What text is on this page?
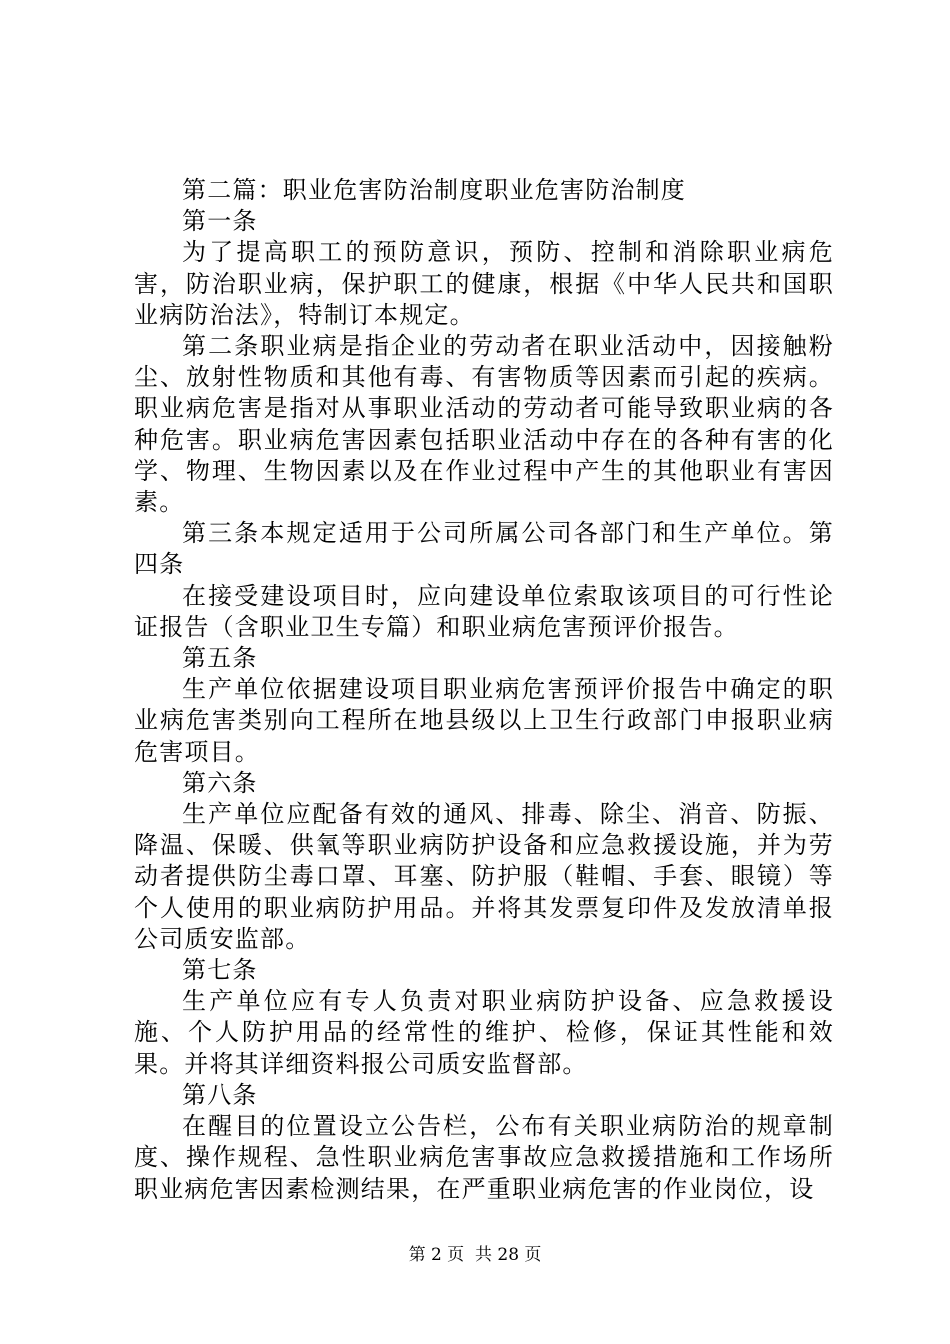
第二篇：职业危害防治制度职业危害防治制度

第一条

为了提高职工的预防意识，预防、控制和消除职业病危害，防治职业病，保护职工的健康，根据《中华人民共和国职业病防治法》，特制订本规定。

第二条职业病是指企业的劳动者在职业活动中，因接触粉尘、放射性物质和其他有毒、有害物质等因素而引起的疾病。职业病危害是指对从事职业活动的劳动者可能导致职业病的各种危害。职业病危害因素包括职业活动中存在的各种有害的化学、物理、生物因素以及在作业过程中产生的其他职业有害因素。

第三条本规定适用于公司所属公司各部门和生产单位。第四条

在接受建设项目时，应向建设单位索取该项目的可行性论证报告（含职业卫生专篇）和职业病危害预评价报告。

第五条

生产单位依据建设项目职业病危害预评价报告中确定的职业病危害类别向工程所在地县级以上卫生行政部门申报职业病危害项目。

第六条

生产单位应配备有效的通风、排毒、除尘、消音、防振、降温、保暖、供氧等职业病防护设备和应急救援设施，并为劳动者提供防尘毒口罩、耳塞、防护服（鞋帽、手套、眼镜）等个人使用的职业病防护用品。并将其发票复印件及发放清单报公司质安监部。

第七条

生产单位应有专人负责对职业病防护设备、应急救援设施、个人防护用品的经常性的维护、检修，保证其性能和效果。并将其详细资料报公司质安监督部。

第八条

在醒目的位置设立公告栏，公布有关职业病防治的规章制度、操作规程、急性职业病危害事故应急救援措施和工作场所职业病危害因素检测结果，在严重职业病危害的作业岗位，设

第 2 页  共 28 页
